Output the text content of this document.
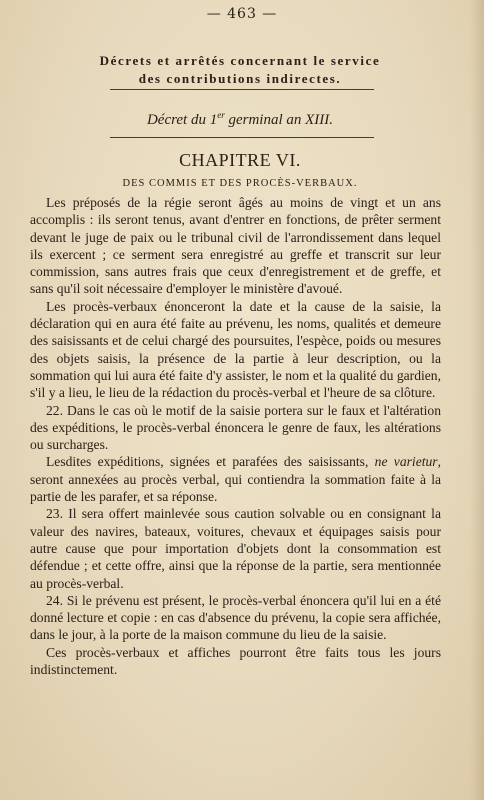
— 463 —
Décrets et arrêtés concernant le service
des contributions indirectes.
Décret du 1er germinal an XIII.
CHAPITRE VI.
DES COMMIS ET DES PROCÈS-VERBAUX.

Les préposés de la régie seront âgés au moins de vingt et un ans accomplis : ils seront tenus, avant d'entrer en fonctions, de prêter serment devant le juge de paix ou le tribunal civil de l'arrondissement dans lequel ils exercent ; ce serment sera enregistré au greffe et transcrit sur leur commission, sans autres frais que ceux d'enregistrement et de greffe, et sans qu'il soit nécessaire d'employer le ministère d'avoué.

Les procès-verbaux énonceront la date et la cause de la saisie, la déclaration qui en aura été faite au prévenu, les noms, qualités et demeure des saisissants et de celui chargé des poursuites, l'espèce, poids ou mesures des objets saisis, la présence de la partie à leur description, ou la sommation qui lui aura été faite d'y assister, le nom et la qualité du gardien, s'il y a lieu, le lieu de la rédaction du procès-verbal et l'heure de sa clôture.

22. Dans le cas où le motif de la saisie portera sur le faux et l'altération des expéditions, le procès-verbal énoncera le genre de faux, les altérations ou surcharges.

Lesdites expéditions, signées et parafées des saisissants, ne varietur, seront annexées au procès verbal, qui contiendra la sommation faite à la partie de les parafer, et sa réponse.

23. Il sera offert mainlevée sous caution solvable ou en consignant la valeur des navires, bateaux, voitures, chevaux et équipages saisis pour autre cause que pour importation d'objets dont la consommation est défendue ; et cette offre, ainsi que la réponse de la partie, sera mentionnée au procès-verbal.

24. Si le prévenu est présent, le procès-verbal énoncera qu'il lui en a été donné lecture et copie : en cas d'absence du prévenu, la copie sera affichée, dans le jour, à la porte de la maison commune du lieu de la saisie.

Ces procès-verbaux et affiches pourront être faits tous les jours indistinctement.
